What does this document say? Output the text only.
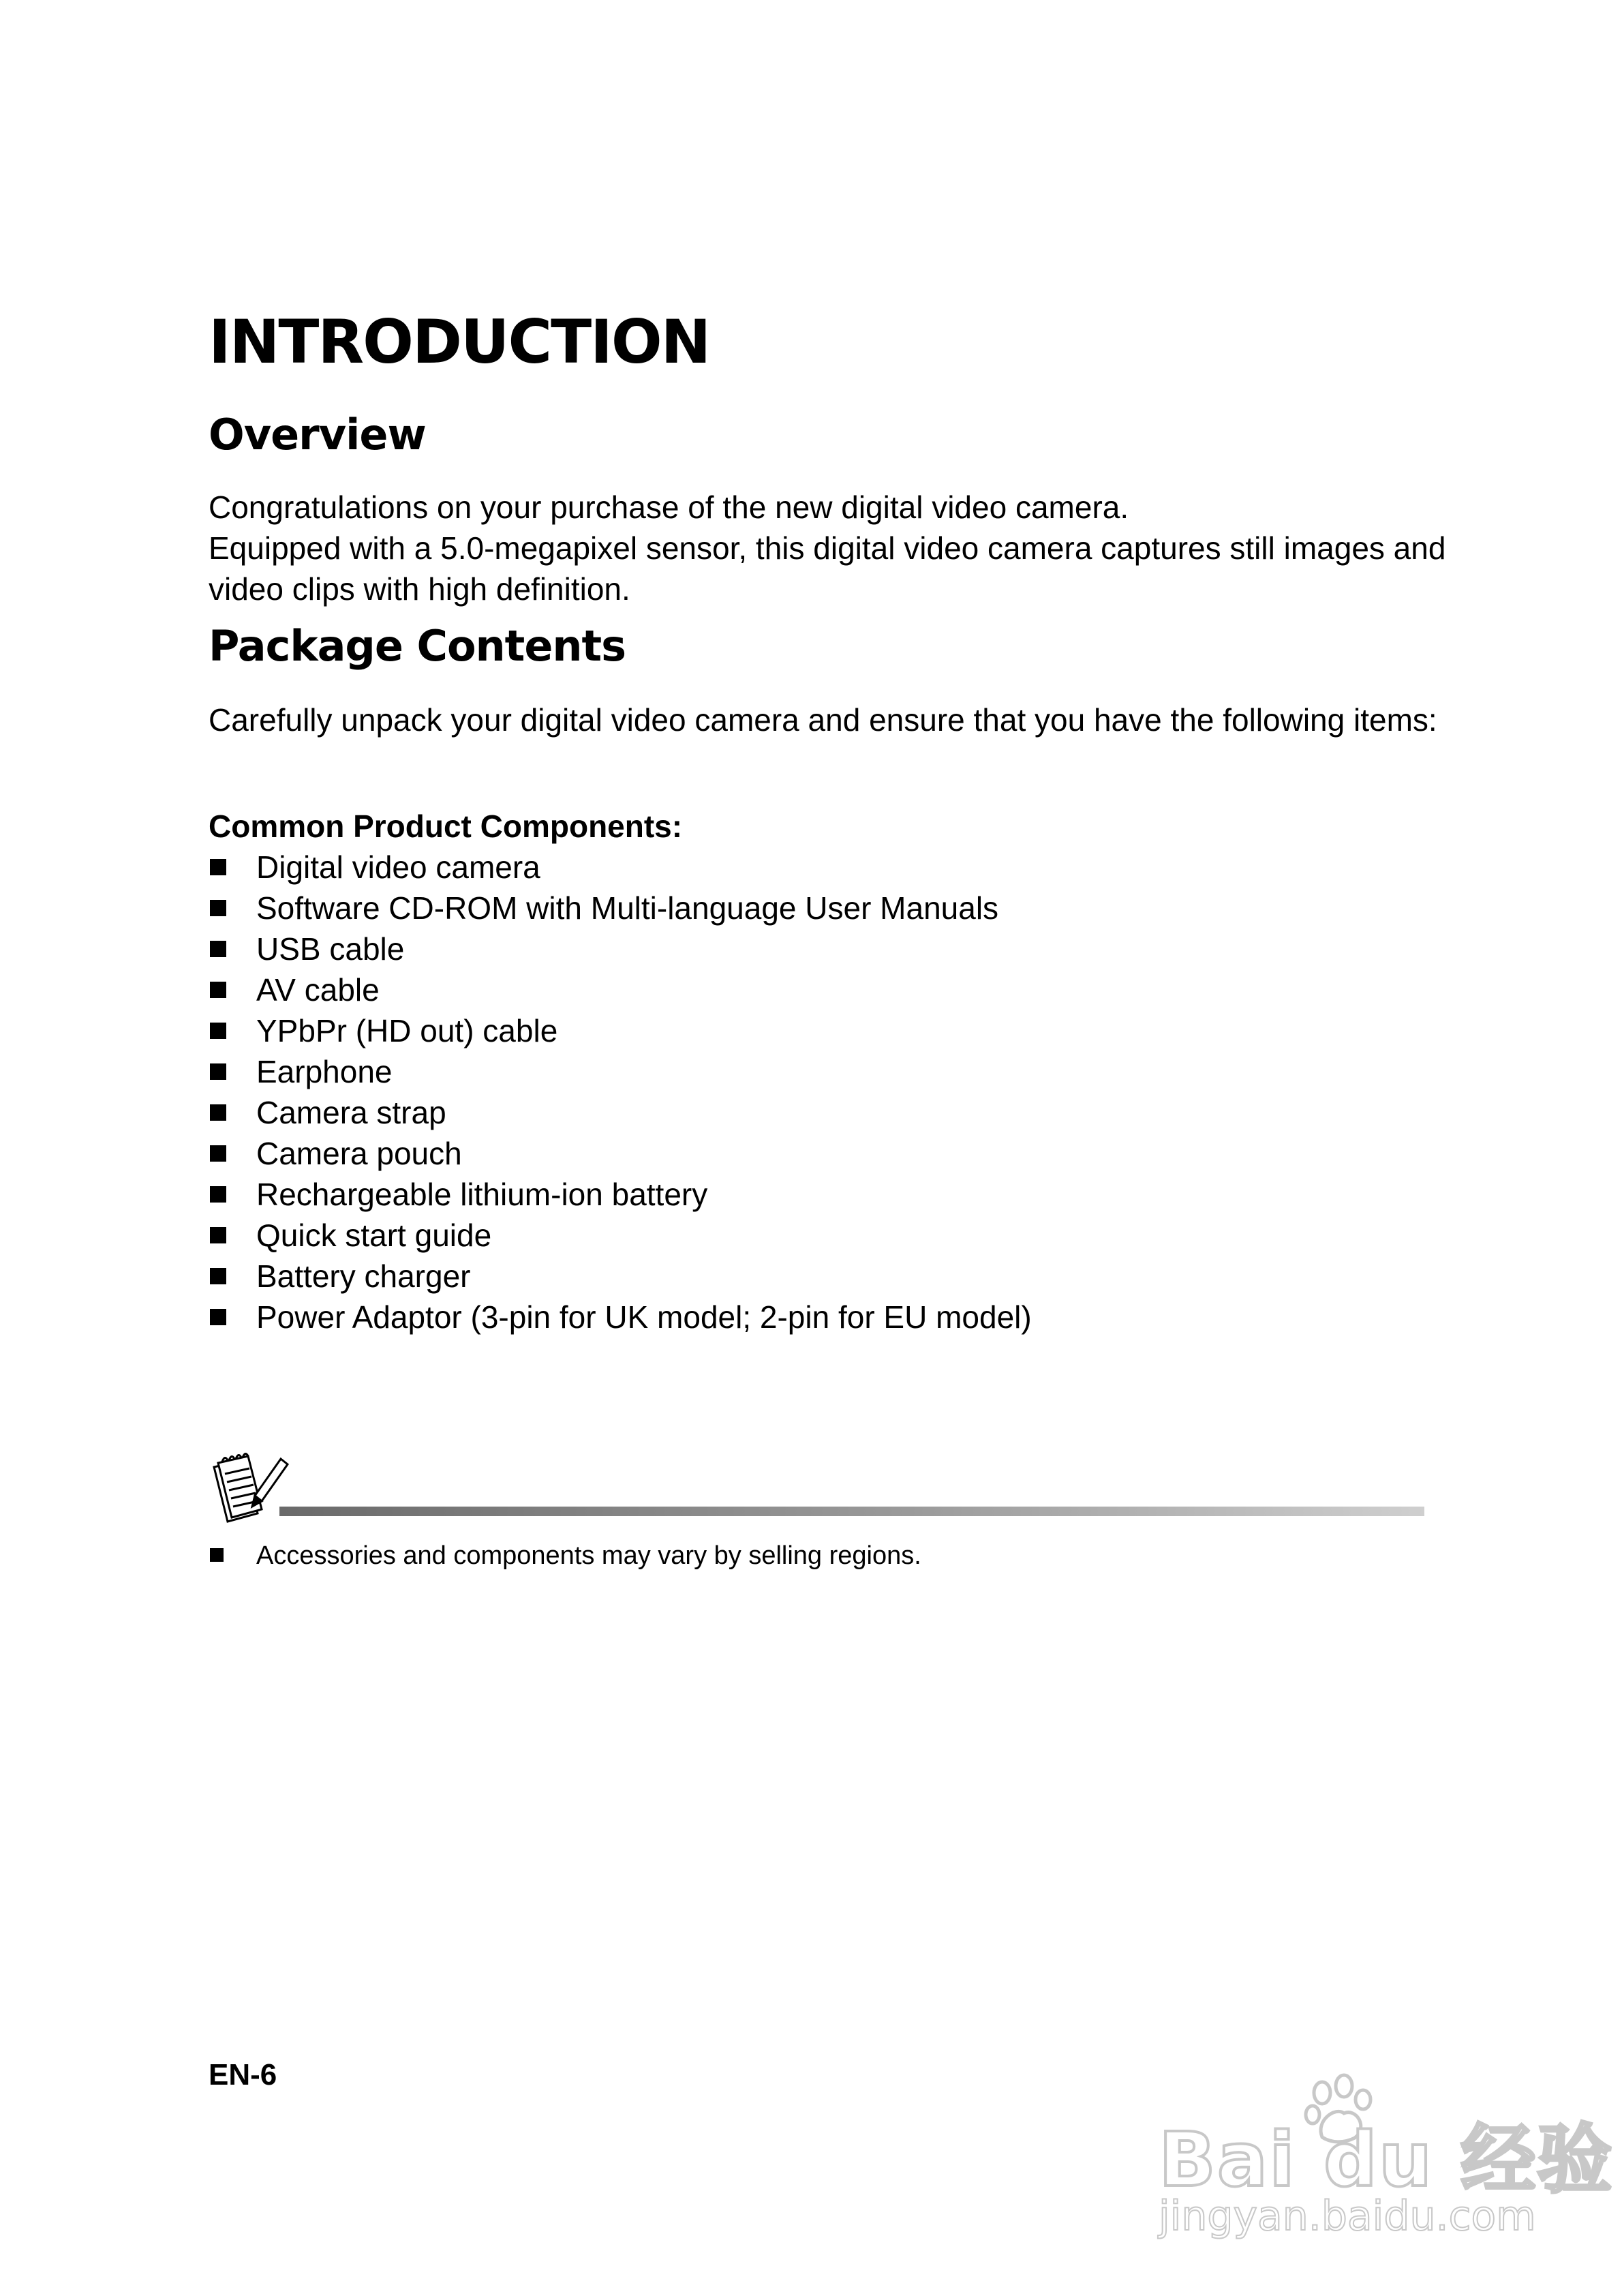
INTRODUCTION
Overview

Congratulations on your purchase of the new digital video camera.

Equipped with a 5.0-megapixel sensor, this digital video camera captures still images and video clips with high definition.

Package Contents
Carefully unpack your digital video camera and ensure that you have the following items:
Common Product Components:
Digital video camera
Software CD-ROM with Multi-language User Manuals
USB cable
AV cable
YPbPr (HD out) cable
Earphone
Camera strap
Camera pouch
Rechargeable lithium-ion battery
Quick start guide
Battery charger
Power Adaptor (3-pin for UK model; 2-pin for EU model)
Accessories and components may vary by selling regions.
EN-6
Bai du 经验
jingyan.baidu.com
